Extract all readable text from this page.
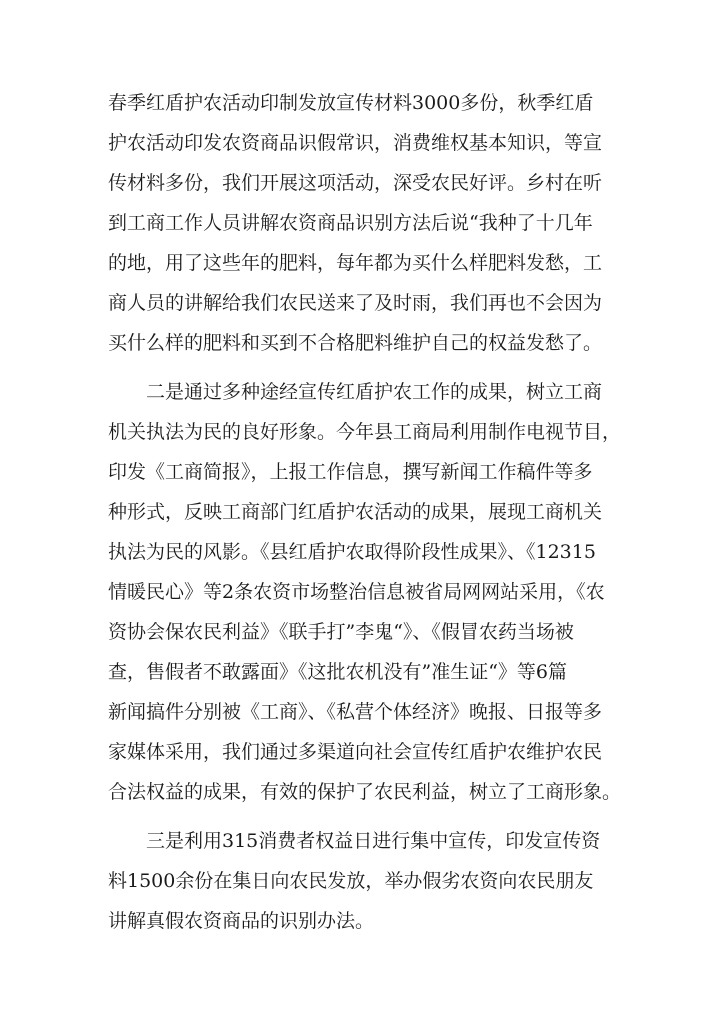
春季红盾护农活动印制发放宣传材料3000多份，秋季红盾

护农活动印发农资商品识假常识，消费维权基本知识，等宣

传材料多份，我们开展这项活动，深受农民好评。乡村在听

到工商工作人员讲解农资商品识别方法后说“我种了十几年

的地，用了这些年的肥料，每年都为买什么样肥料发愁，工

商人员的讲解给我们农民送来了及时雨，我们再也不会因为

买什么样的肥料和买到不合格肥料维护自己的权益发愁了。

二是通过多种途经宣传红盾护农工作的成果，树立工商

机关执法为民的良好形象。今年县工商局利用制作电视节目，

印发《工商简报》，上报工作信息，撰写新闻工作稿件等多

种形式，反映工商部门红盾护农活动的成果，展现工商机关

执法为民的风影。《县红盾护农取得阶段性成果》、《12315

情暖民心》等2条农资市场整治信息被省局网网站采用，《农

资协会保农民利益》《联手打”李鬼“》、《假冒农药当场被

查，售假者不敢露面》《这批农机没有”准生证“》等6篇

新闻搞件分别被《工商》、《私营个体经济》晚报、日报等多

家媒体采用，我们通过多渠道向社会宣传红盾护农维护农民

合法权益的成果，有效的保护了农民利益，树立了工商形象。

三是利用315消费者权益日进行集中宣传，印发宣传资

料1500余份在集日向农民发放，举办假劣农资向农民朋友

讲解真假农资商品的识别办法。
